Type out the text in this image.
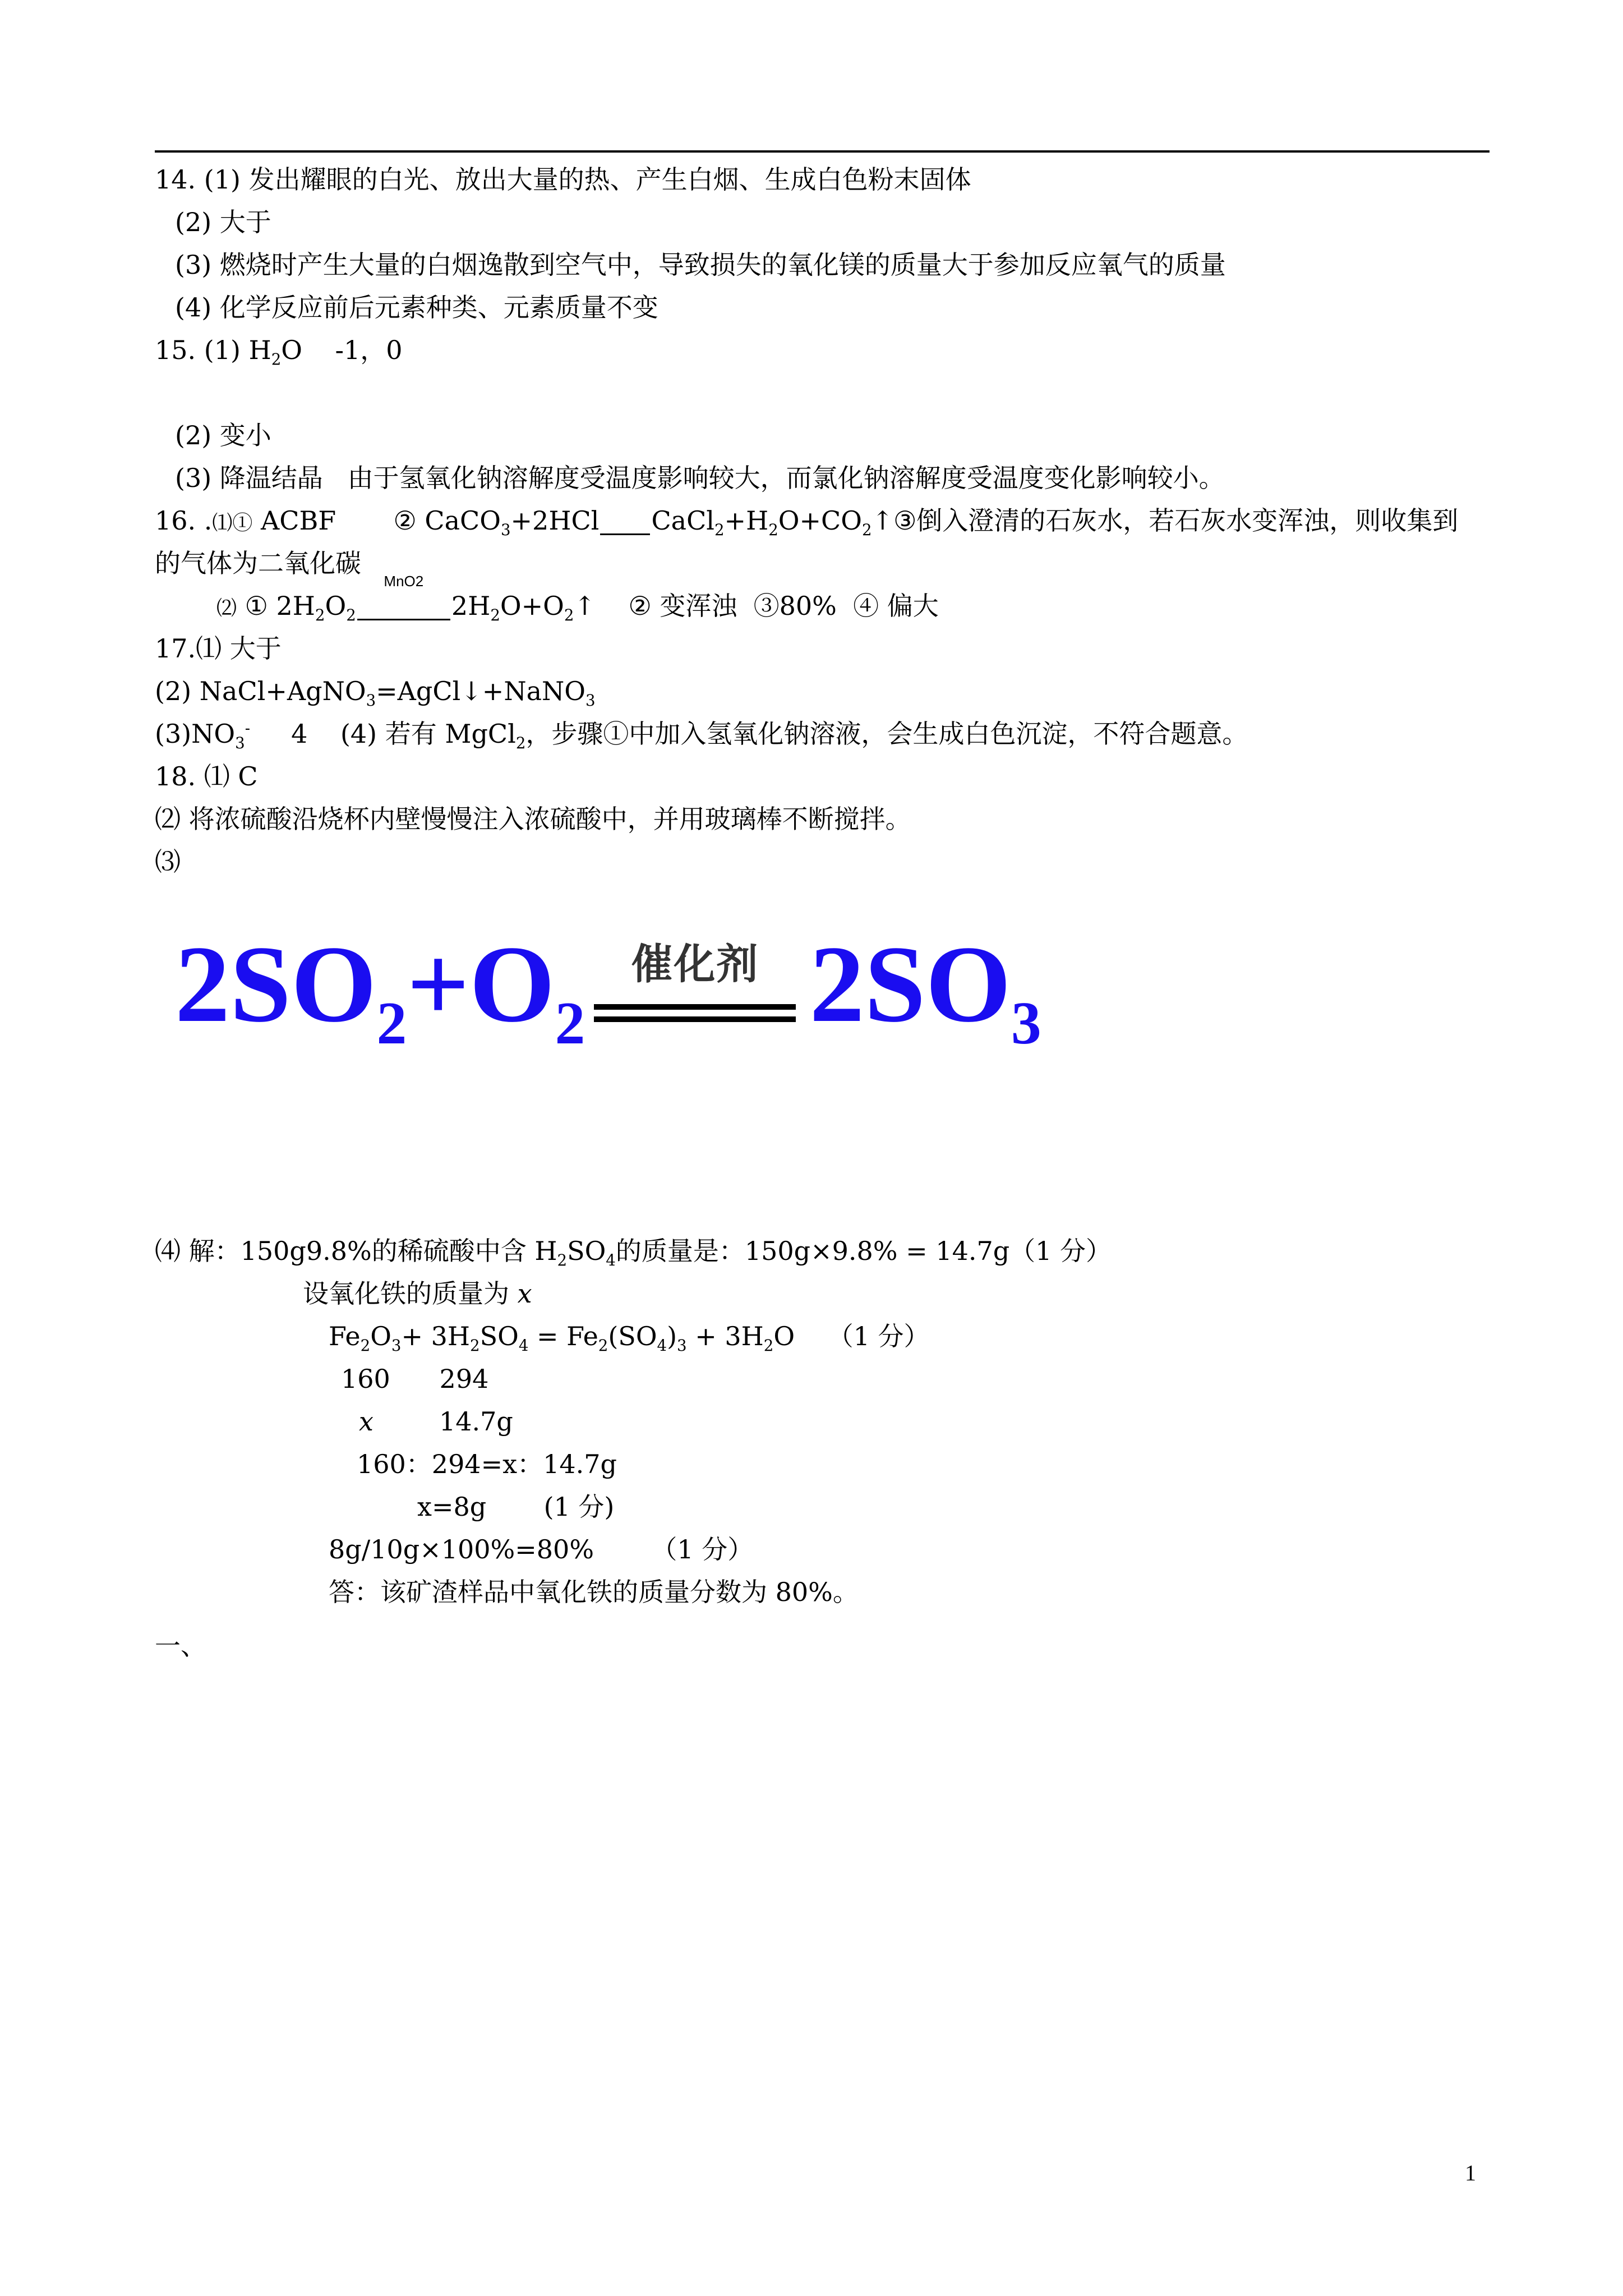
14. (1) 发出耀眼的白光、放出大量的热、产生白烟、生成白色粉末固体
(2) 大于
(3) 燃烧时产生大量的白烟逸散到空气中，导致损失的氧化镁的质量大于参加反应氧气的质量
(4) 化学反应前后元素种类、元素质量不变
15. (1) $H_2O$ -1，0
(2) 变小
(3) 降温结晶 由于氢氧化钠溶解度受温度影响较大，而氯化钠溶解度受温度变化影响较小。
16. .⑴① ACBF ② CaCO$_3$+2HCl $CaCl_2+H_2O+CO_2↑③$倒入澄清的石灰水，若石灰水变浑浊，则收集到
的气体为二氧化碳
⑵ ① $2H_2O_2$
MnO2
$2H_2O+O_2↑$ ② 变浑浊 ③80% ④ 偏大
17.⑴ 大于
(2) NaCl+AgNO$_3$=AgCl↓+NaNO$_3$
$(3)NO_3^-$ 4 (4) 若有 MgCl$_2$，步骤①中加入氢氧化钠溶液，会生成白色沉淀，不符合题意。
18. ⑴ C
⑵ 将浓硫酸沿烧杯内壁慢慢注入浓硫酸中，并用玻璃棒不断搅拌。
⑶
$2SO_2+O_2$
催化剂 $2SO_3$
⑷ 解：150g9.8%的稀硫酸中含 $H_2SO_4$的质量是：150g×9.8% = 14.7g（1 分）
设氧化铁的质量为 x
$Fe_2O_3+ 3H_2SO_4 = Fe_2(SO_4)_3 + 3H_2O$ （1 分）
160 294
x	14.7g
160：294=x：14.7g
x=8g (1 分)
8g/10g×100%=80% （1 分）
答：该矿渣样品中氧化铁的质量分数为 80%。
一、
1
